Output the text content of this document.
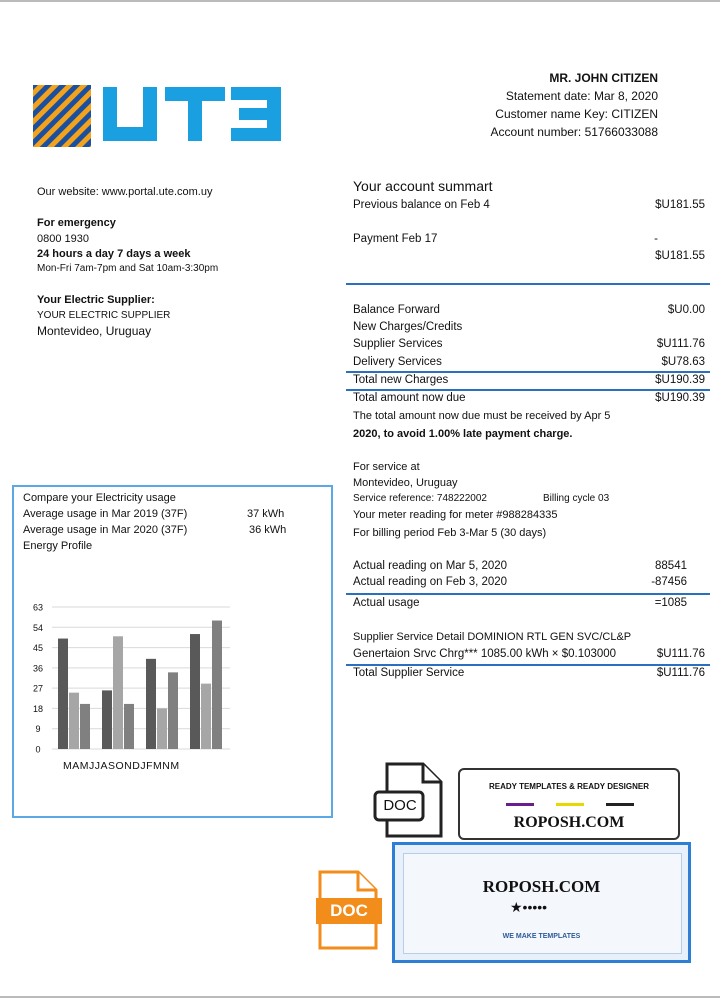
MR. JOHN CITIZEN
Statement date: Mar 8, 2020
Customer name Key: CITIZEN
Account number: 51766033088
Our website: www.portal.ute.com.uy
For emergency
0800 1930
24 hours a day 7 days a week
Mon-Fri 7am-7pm and Sat 10am-3:30pm
Your Electric Supplier:
YOUR ELECTRIC SUPPLIER
Montevideo, Uruguay
Your account summart
Previous balance on Feb 4	$U181.55
Payment Feb 17	-
$U181.55
Balance Forward	$U0.00
New Charges/Credits
Supplier Services	$U111.76
Delivery Services	$U78.63
Total new Charges	$U190.39
Total amount now due	$U190.39
The total amount now due must be received by Apr 5
2020, to avoid 1.00% late payment charge.
For service at
Montevideo, Uruguay
Service reference: 748222002	Billing cycle 03
Your meter reading for meter #988284335
For billing period Feb 3-Mar 5 (30 days)
Actual reading on Mar 5, 2020	88541
Actual reading on Feb 3, 2020	-87456
Actual usage	=1085
Supplier Service Detail DOMINION RTL GEN SVC/CL&P
Genertaion Srvc Chrg*** 1085.00 kWh × $0.103000	$U111.76
Total Supplier Service	$U111.76
Compare your Electricity usage
Average usage in Mar 2019 (37F)	37 kWh
Average usage in Mar 2020 (37F)	36 kWh
Energy Profile
0
9
18
27
36
45
54
63
MAMJJASONDJFMNM
DOC
READY TEMPLATES & READY DESIGNER
ROPOSH.COM
DOC
ROPOSH.COM
★•••••
WE MAKE TEMPLATES
